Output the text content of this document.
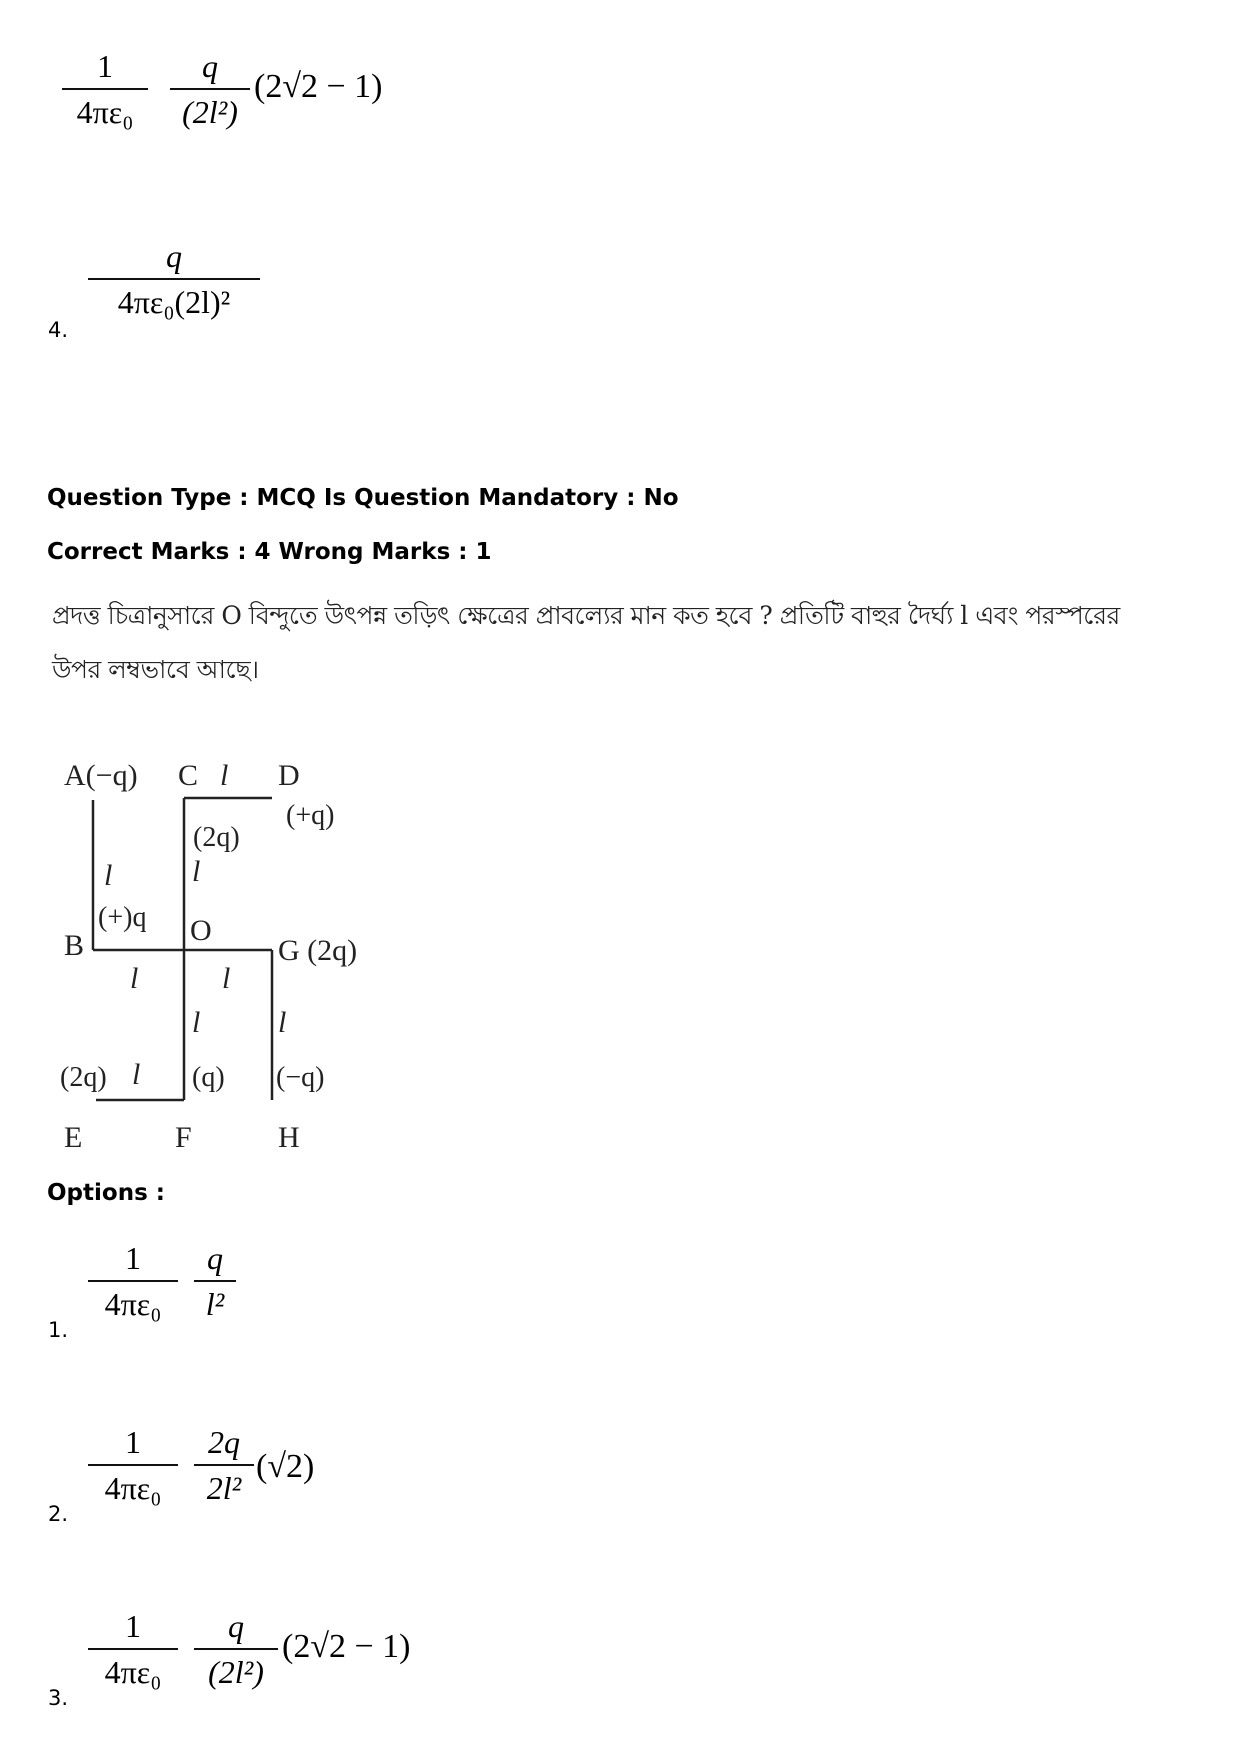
1
4πε₀
q
(2l²)
(2√2 − 1)
4.
q
4πε₀(2l)²
Question Type : MCQ Is Question Mandatory : No
Correct Marks : 4 Wrong Marks : 1
প্রদত্ত চিত্রানুসারে O বিন্দুতে উৎপন্ন তড়িৎ ক্ষেত্রের প্রাবল্যের মান কত হবে ? প্রতিটি বাহুর দৈর্ঘ্য l এবং পরস্পরের
উপর লম্বভাবে আছে।
A(−q) C l D
(+q)
(2q)
l
l
(+)q O
B	G (2q)
l	l
l	l
(2q) l (q) (−q)
E	F	H
Options :
1.
1
4πε₀
q
l²
2.
1
4πε₀
2q
2l²
(√2)
3.
1
4πε₀
q
(2l²)
(2√2 − 1)
